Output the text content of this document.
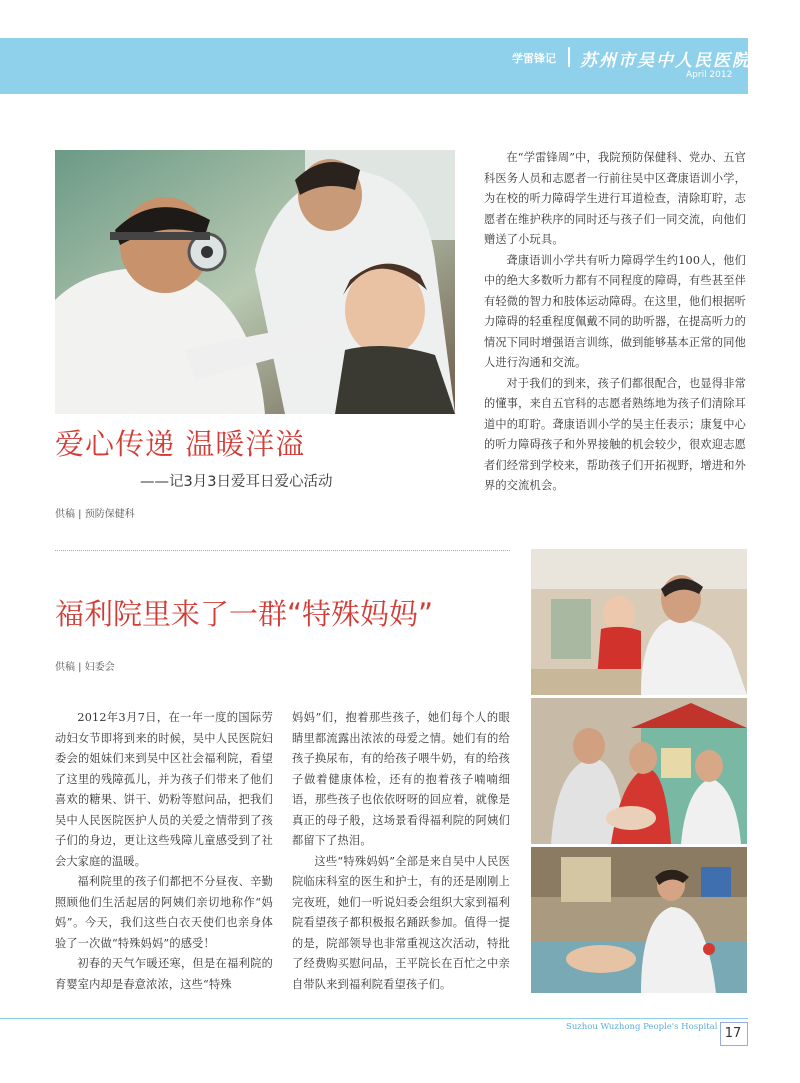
学雷锋记 苏州市吴中人民医院
April 2012

在“学雷锋周”中，我院预防保健科、党办、五官科医务人员和志愿者一行前往吴中区聋康语训小学，为在校的听力障碍学生进行耳道检查，清除耵聍，志愿者在维护秩序的同时还与孩子们一同交流，向他们赠送了小玩具。

聋康语训小学共有听力障碍学生约100人，他们中的绝大多数听力都有不同程度的障碍，有些甚至伴有轻微的智力和肢体运动障碍。在这里，他们根据听力障碍的轻重程度佩戴不同的助听器，在提高听力的情况下同时增强语言训练，做到能够基本正常的同他人进行沟通和交流。

对于我们的到来，孩子们都很配合，也显得非常的懂事，来自五官科的志愿者熟练地为孩子们清除耳道中的耵聍。聋康语训小学的吴主任表示；康复中心的听力障碍孩子和外界接触的机会较少，很欢迎志愿者们经常到学校来，帮助孩子们开拓视野，增进和外界的交流机会。

爱心传递 温暖洋溢
——记3月3日爱耳日爱心活动
供稿 | 预防保健科
福利院里来了一群“特殊妈妈”
供稿 | 妇委会

2012年3月7日，在一年一度的国际劳动妇女节即将到来的时候，吴中人民医院妇委会的姐妹们来到吴中区社会福利院，看望了这里的残障孤儿，并为孩子们带来了他们喜欢的糖果、饼干、奶粉等慰问品，把我们吴中人民医院医护人员的关爱之情带到了孩子们的身边，更让这些残障儿童感受到了社会大家庭的温暖。

福利院里的孩子们都把不分昼夜、辛勤照顾他们生活起居的阿姨们亲切地称作“妈妈”。今天，我们这些白衣天使们也亲身体验了一次做“特殊妈妈”的感受！

初春的天气乍暖还寒，但是在福利院的育婴室内却是春意浓浓，这些“特殊

妈妈”们，抱着那些孩子，她们每个人的眼睛里都流露出浓浓的母爱之情。她们有的给孩子换尿布，有的给孩子喂牛奶，有的给孩子做着健康体检，还有的抱着孩子喃喃细语，那些孩子也依依呀呀的回应着，就像是真正的母子般，这场景看得福利院的阿姨们都留下了热泪。

这些“特殊妈妈”全部是来自吴中人民医院临床科室的医生和护士，有的还是刚刚上完夜班，她们一听说妇委会组织大家到福利院看望孩子都积极报名踊跃参加。值得一提的是，院部领导也非常重视这次活动，特批了经费购买慰问品，王平院长在百忙之中亲自带队来到福利院看望孩子们。

Suzhou Wuzhong People's Hospital 17
